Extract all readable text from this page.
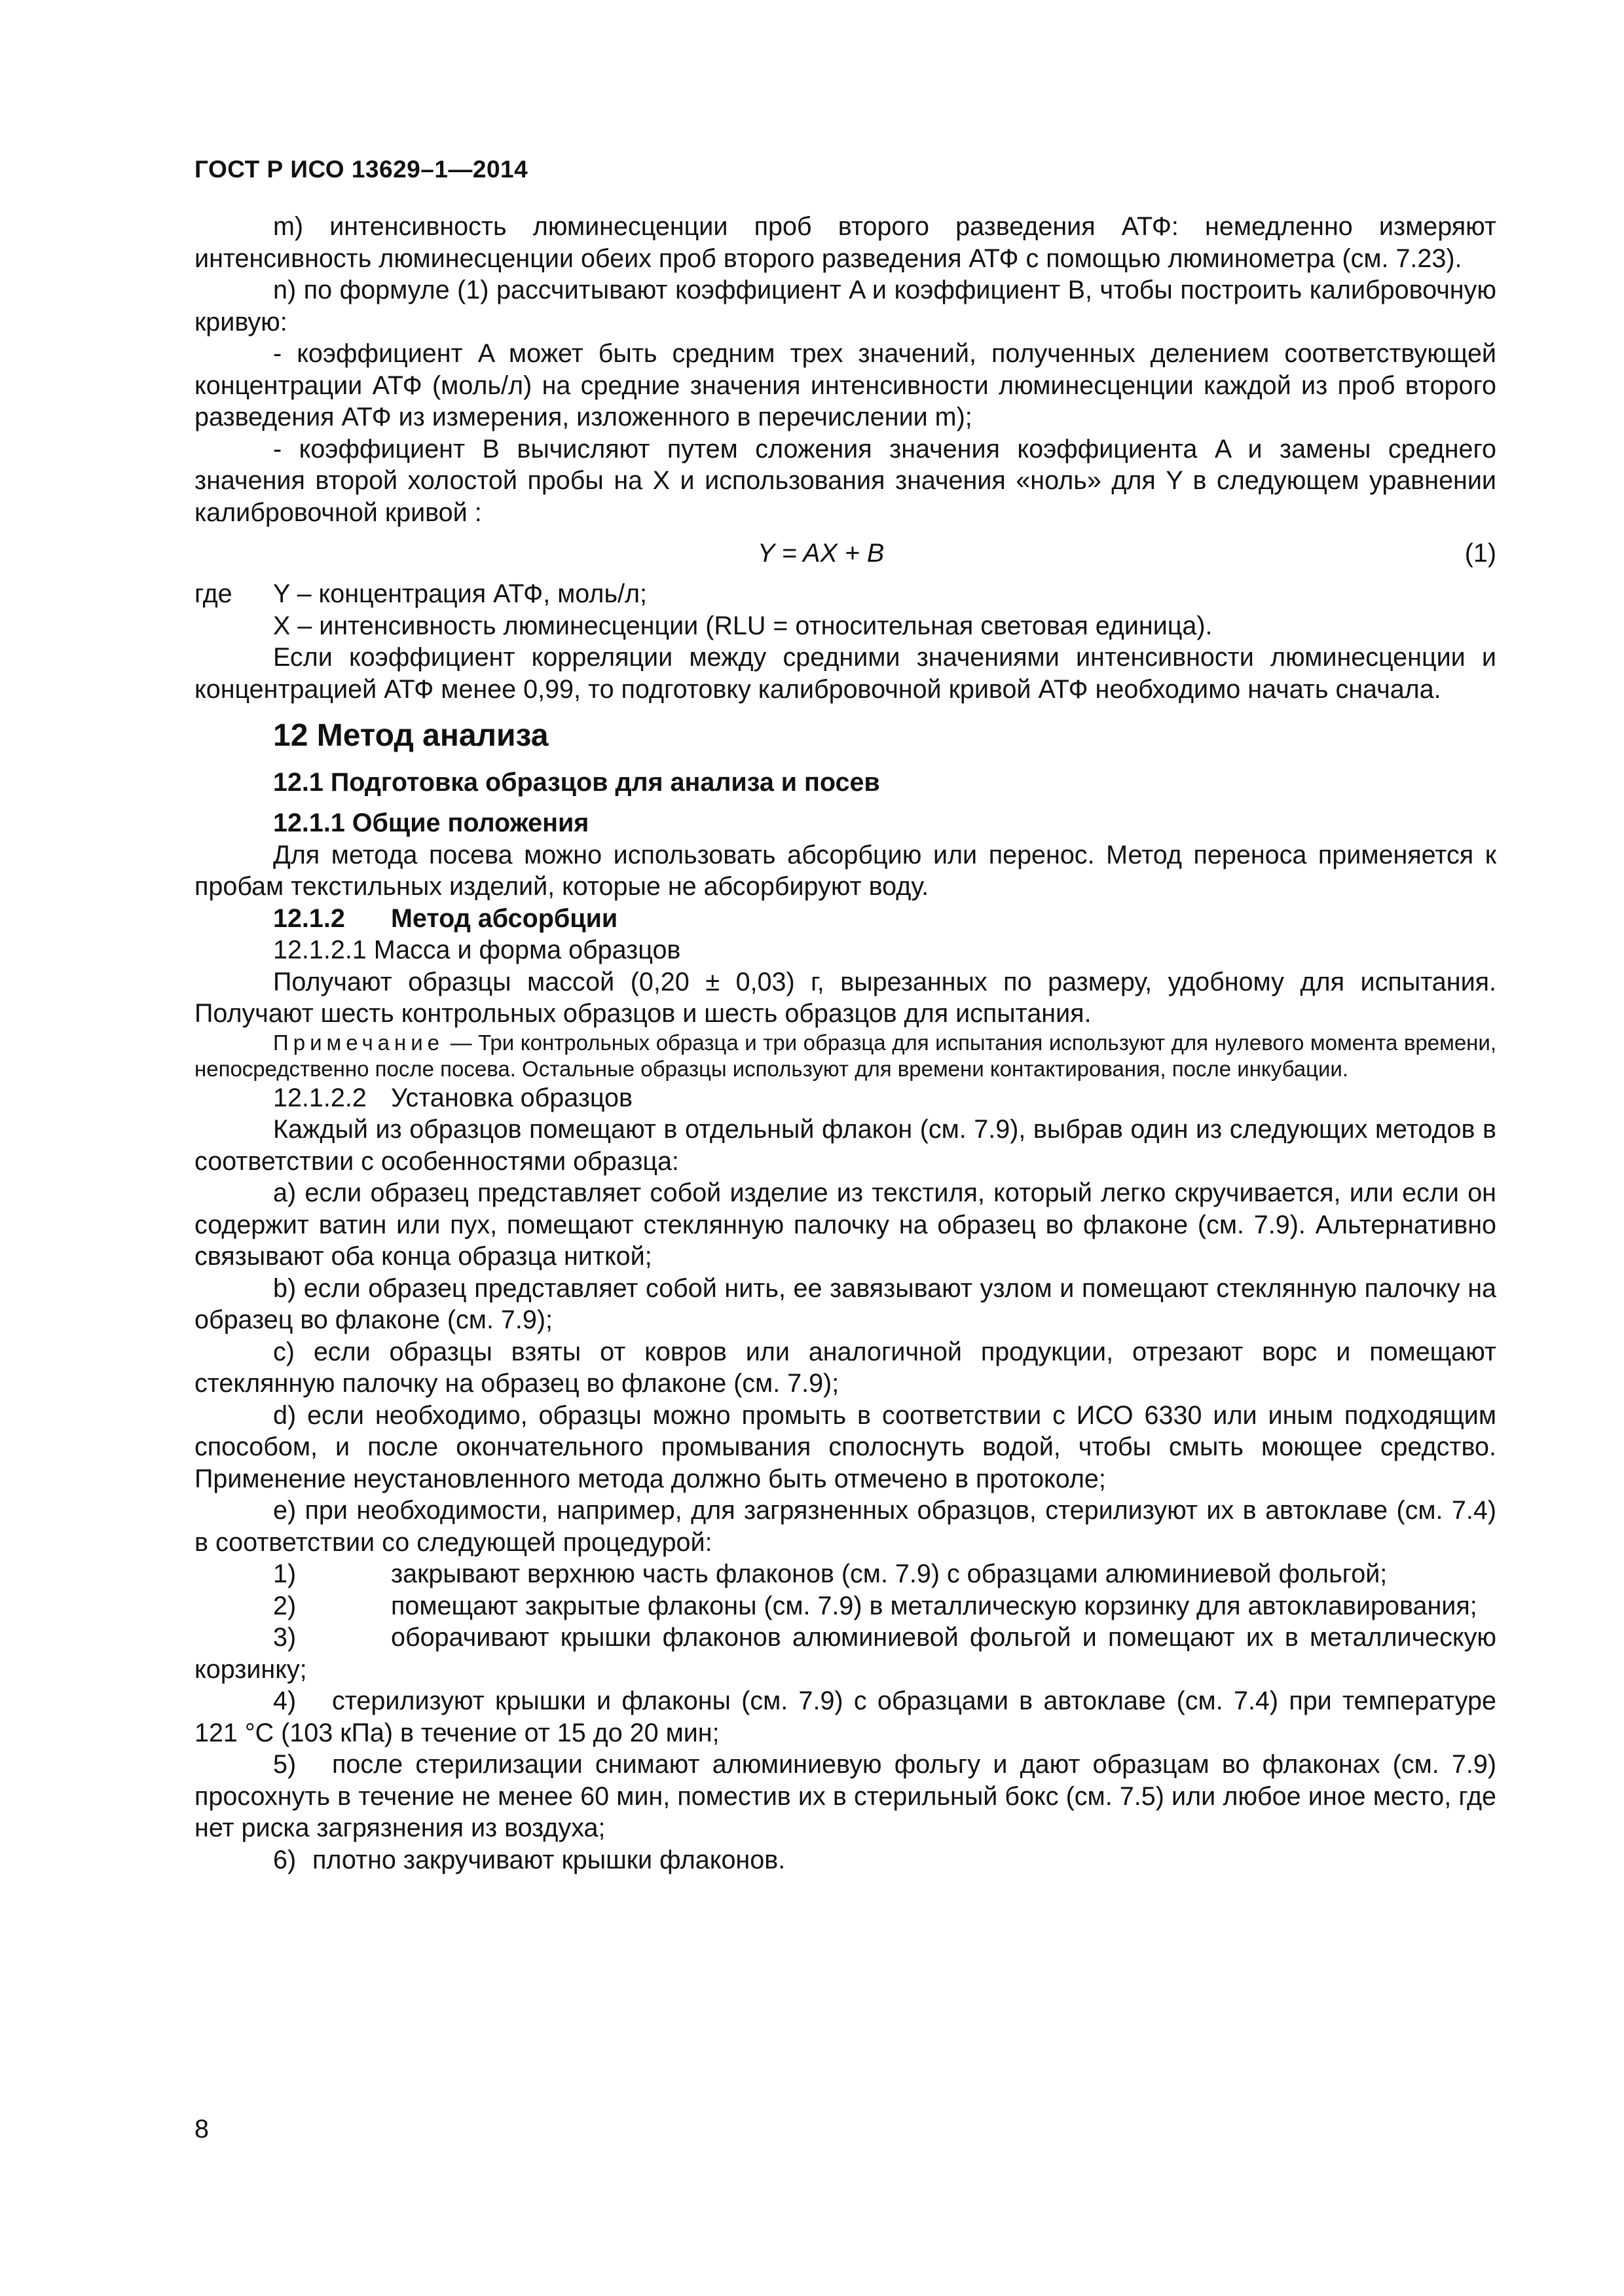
ГОСТ Р ИСО 13629–1—2014

m) интенсивность люминесценции проб второго разведения АТФ: немедленно измеряют интенсивность люминесценции обеих проб второго разведения АТФ с помощью люминометра (см. 7.23).

n) по формуле (1) рассчитывают коэффициент A и коэффициент B, чтобы построить калибровочную кривую:

- коэффициент A может быть средним трех значений, полученных делением соответствующей концентрации АТФ (моль/л) на средние значения интенсивности люминесценции каждой из проб второго разведения АТФ из измерения, изложенного в перечислении m);

- коэффициент B вычисляют путем сложения значения коэффициента A и замены среднего значения второй холостой пробы на X и использования значения «ноль» для Y в следующем уравнении калибровочной кривой :

Y = AX + B	(1)
где Y – концентрация АТФ, моль/л;
X – интенсивность люминесценции (RLU = относительная световая единица).

Если коэффициент корреляции между средними значениями интенсивности люминесценции и концентрацией АТФ менее 0,99, то подготовку калибровочной кривой АТФ необходимо начать сначала.

12 Метод анализа
12.1 Подготовка образцов для анализа и посев
12.1.1 Общие положения

Для метода посева можно использовать абсорбцию или перенос. Метод переноса применяется к пробам текстильных изделий, которые не абсорбируют воду.

12.1.2 Метод абсорбции
12.1.2.1 Масса и форма образцов

Получают образцы массой (0,20 ± 0,03) г, вырезанных по размеру, удобному для испытания. Получают шесть контрольных образцов и шесть образцов для испытания.

Примечание — Три контрольных образца и три образца для испытания используют для нулевого момента времени, непосредственно после посева. Остальные образцы используют для времени контактирования, после инкубации.

12.1.2.2 Установка образцов

Каждый из образцов помещают в отдельный флакон (см. 7.9), выбрав один из следующих методов в соответствии с особенностями образца:

a) если образец представляет собой изделие из текстиля, который легко скручивается, или если он содержит ватин или пух, помещают стеклянную палочку на образец во флаконе (см. 7.9). Альтернативно связывают оба конца образца ниткой;

b) если образец представляет собой нить, ее завязывают узлом и помещают стеклянную палочку на образец во флаконе (см. 7.9);

c) если образцы взяты от ковров или аналогичной продукции, отрезают ворс и помещают стеклянную палочку на образец во флаконе (см. 7.9);

d) если необходимо, образцы можно промыть в соответствии с ИСО 6330 или иным подходящим способом, и после окончательного промывания сполоснуть водой, чтобы смыть моющее средство. Применение неустановленного метода должно быть отмечено в протоколе;

e) при необходимости, например, для загрязненных образцов, стерилизуют их в автоклаве (см. 7.4) в соответствии со следующей процедурой:

1)	закрывают верхнюю часть флаконов (см. 7.9) с образцами алюминиевой фольгой;

2)	помещают закрытые флаконы (см. 7.9) в металлическую корзинку для автоклавирования;

3)	оборачивают крышки флаконов алюминиевой фольгой и помещают их в металлическую корзинку;

4) стерилизуют крышки и флаконы (см. 7.9) с образцами в автоклаве (см. 7.4) при температуре 121 °С (103 кПа) в течение от 15 до 20 мин;

5) после стерилизации снимают алюминиевую фольгу и дают образцам во флаконах (см. 7.9) просохнуть в течение не менее 60 мин, поместив их в стерильный бокс (см. 7.5) или любое иное место, где нет риска загрязнения из воздуха;

6) плотно закручивают крышки флаконов.

8
